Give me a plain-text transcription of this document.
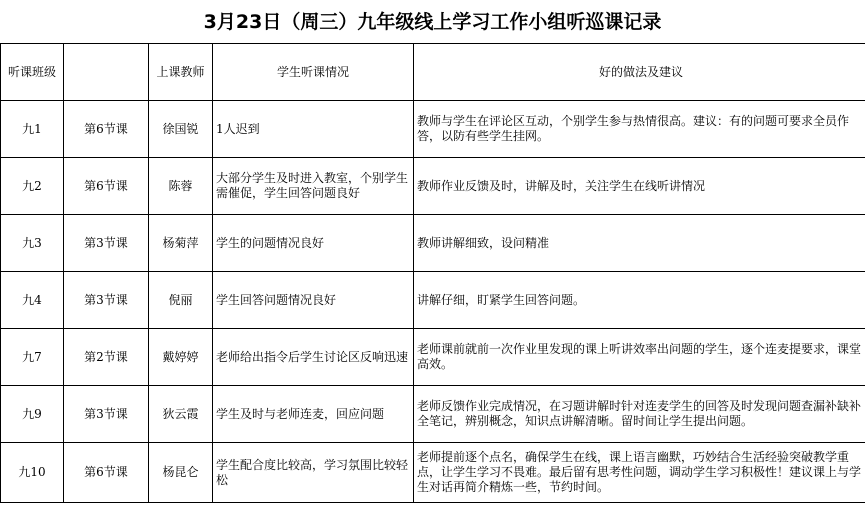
3月23日（周三）九年级线上学习工作小组听巡课记录
听课班级		上课教师	学生听课情况	好的做法及建议
九1	第6节课	徐国锐	1人迟到	教师与学生在评论区互动，个别学生参与热情很高。建议：有的问题可要求全员作答，以防有些学生挂网。
九2	第6节课	陈蓉	大部分学生及时进入教室，个别学生需催促，学生回答问题良好	教师作业反馈及时，讲解及时，关注学生在线听讲情况
九3	第3节课	杨菊萍	学生的问题情况良好	教师讲解细致，设问精准
九4	第3节课	倪丽	学生回答问题情况良好	讲解仔细，盯紧学生回答问题。
九7	第2节课	戴婷婷	老师给出指令后学生讨论区反响迅速	老师课前就前一次作业里发现的课上听讲效率出问题的学生，逐个连麦提要求，课堂高效。
九9	第3节课	狄云霞	学生及时与老师连麦，回应问题	老师反馈作业完成情况，在习题讲解时针对连麦学生的回答及时发现问题查漏补缺补全笔记，辨别概念，知识点讲解清晰。留时间让学生提出问题。
九10	第6节课	杨昆仑	学生配合度比较高，学习氛围比较轻松	老师提前逐个点名，确保学生在线，课上语言幽默，巧妙结合生活经验突破教学重点，让学生学习不畏难。最后留有思考性问题，调动学生学习积极性！建议课上与学生对话再简介精炼一些，节约时间。
